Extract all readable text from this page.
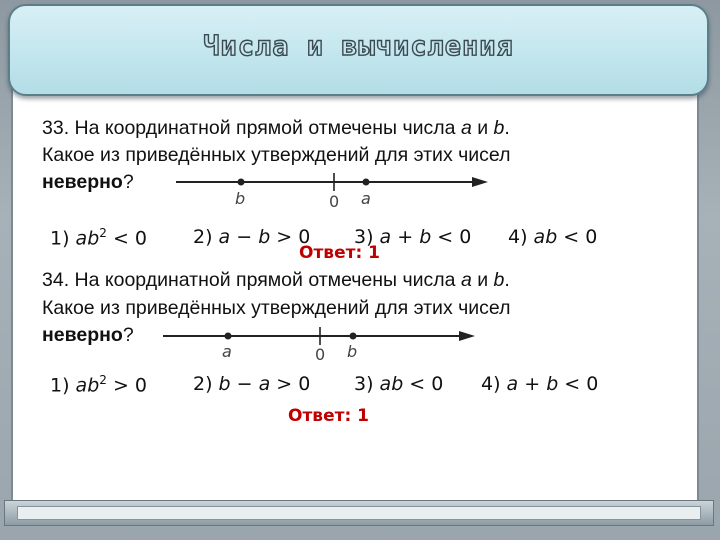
Числа и вычисления
33. На координатной прямой отмечены числа a и b.
Какое из приведённых утверждений для этих чисел
неверно?
b	0 a
1) $ab^2 < 0$ 2) a − b > 0 3) a + b < 0 4) ab < 0
Ответ: 1
34. На координатной прямой отмечены числа a и b.
Какое из приведённых утверждений для этих чисел
неверно?
a	0 b
1) $ab^2 > 0$ 2) b − a > 0 3) ab < 0 4) a + b < 0
Ответ: 1
